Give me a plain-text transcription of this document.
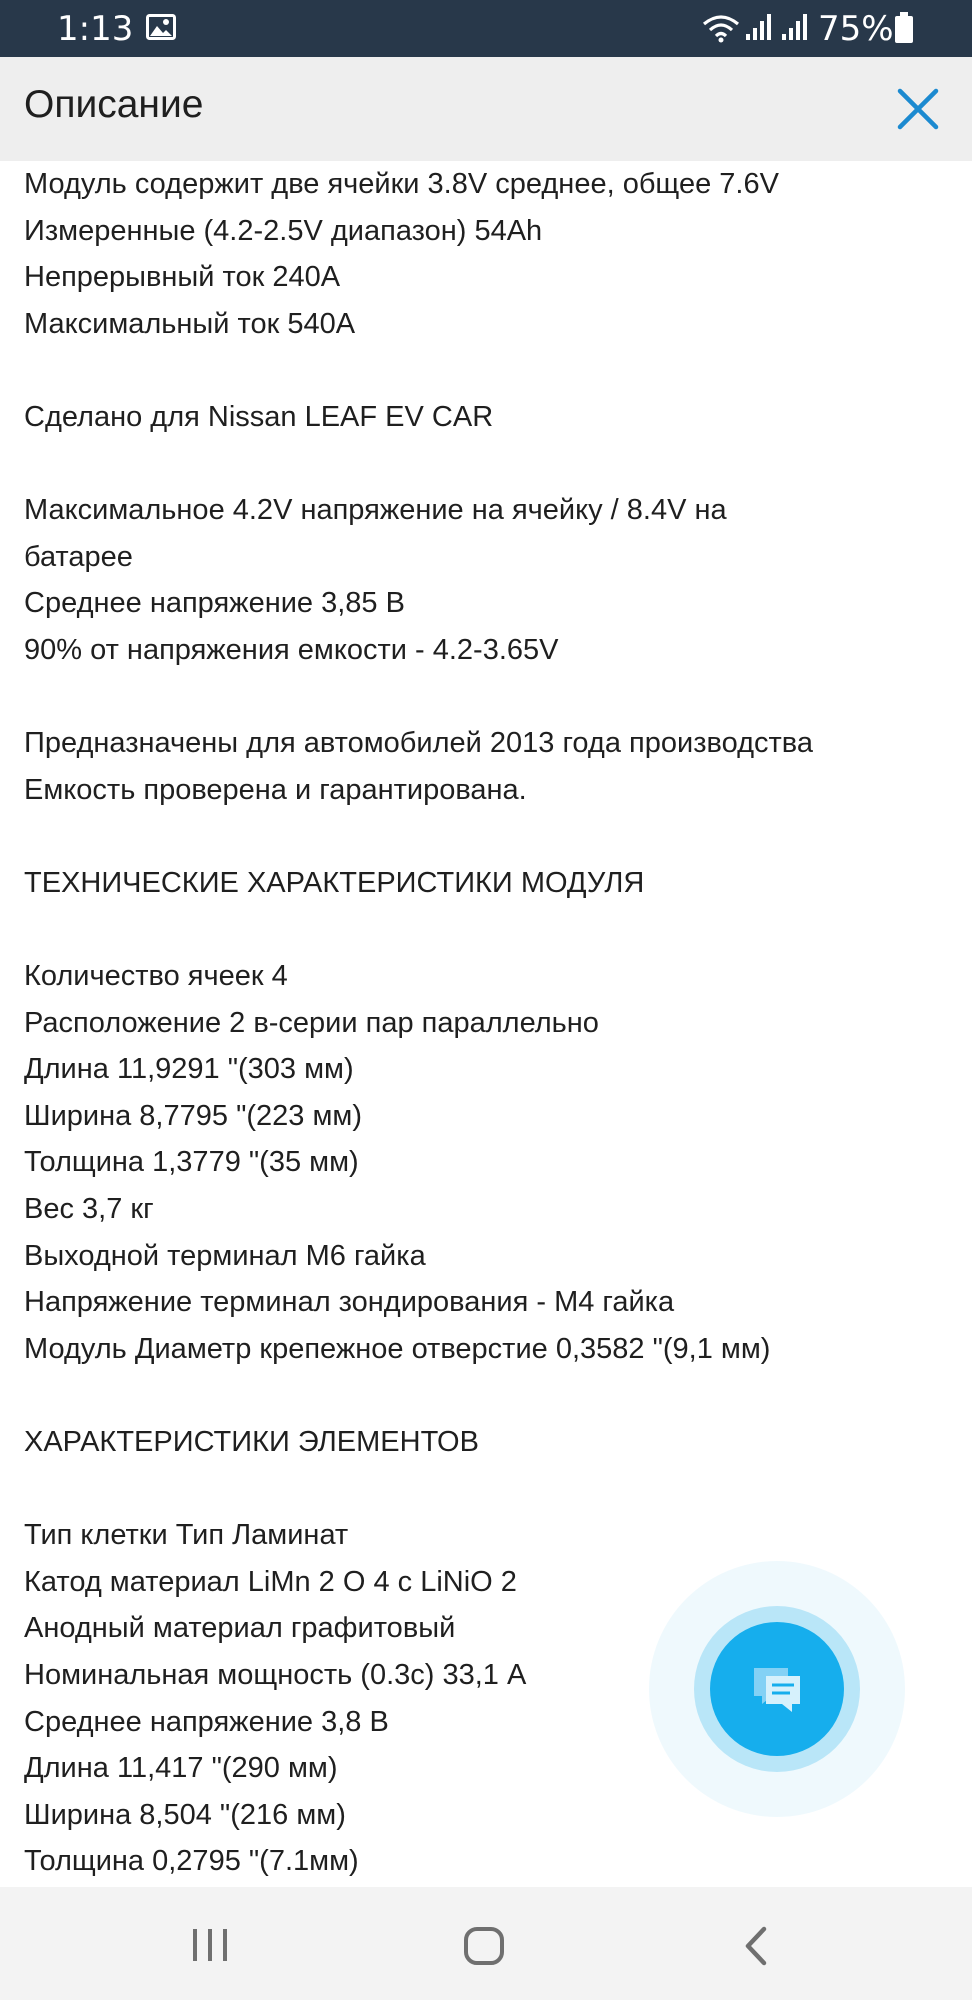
1:13	75%
Описание
Модуль содержит две ячейки 3.8V среднее, общее 7.6V
Измеренные (4.2-2.5V диапазон) 54Ah
Непрерывный ток 240A
Максимальный ток 540A
Сделано для Nissan LEAF EV CAR
Максимальное 4.2V напряжение на ячейку / 8.4V на
батарее
Среднее напряжение 3,85 В
90% от напряжения емкости - 4.2-3.65V
Предназначены для автомобилей 2013 года производства
Емкость проверена и гарантирована.
ТЕХНИЧЕСКИЕ ХАРАКТЕРИСТИКИ МОДУЛЯ
Количество ячеек 4
Расположение 2 в-серии пар параллельно
Длина 11,9291 "(303 мм)
Ширина 8,7795 "(223 мм)
Толщина 1,3779 "(35 мм)
Вес 3,7 кг
Выходной терминал М6 гайка
Напряжение терминал зондирования - М4 гайка
Модуль Диаметр крепежное отверстие 0,3582 "(9,1 мм)
ХАРАКТЕРИСТИКИ ЭЛЕМЕНТОВ
Тип клетки Тип Ламинат
Катод материал LiMn 2 O 4 с LiNiO 2
Анодный материал графитовый
Номинальная мощность (0.3с) 33,1 А
Среднее напряжение 3,8 В
Длина 11,417 "(290 мм)
Ширина 8,504 "(216 мм)
Толщина 0,2795 "(7.1мм)
